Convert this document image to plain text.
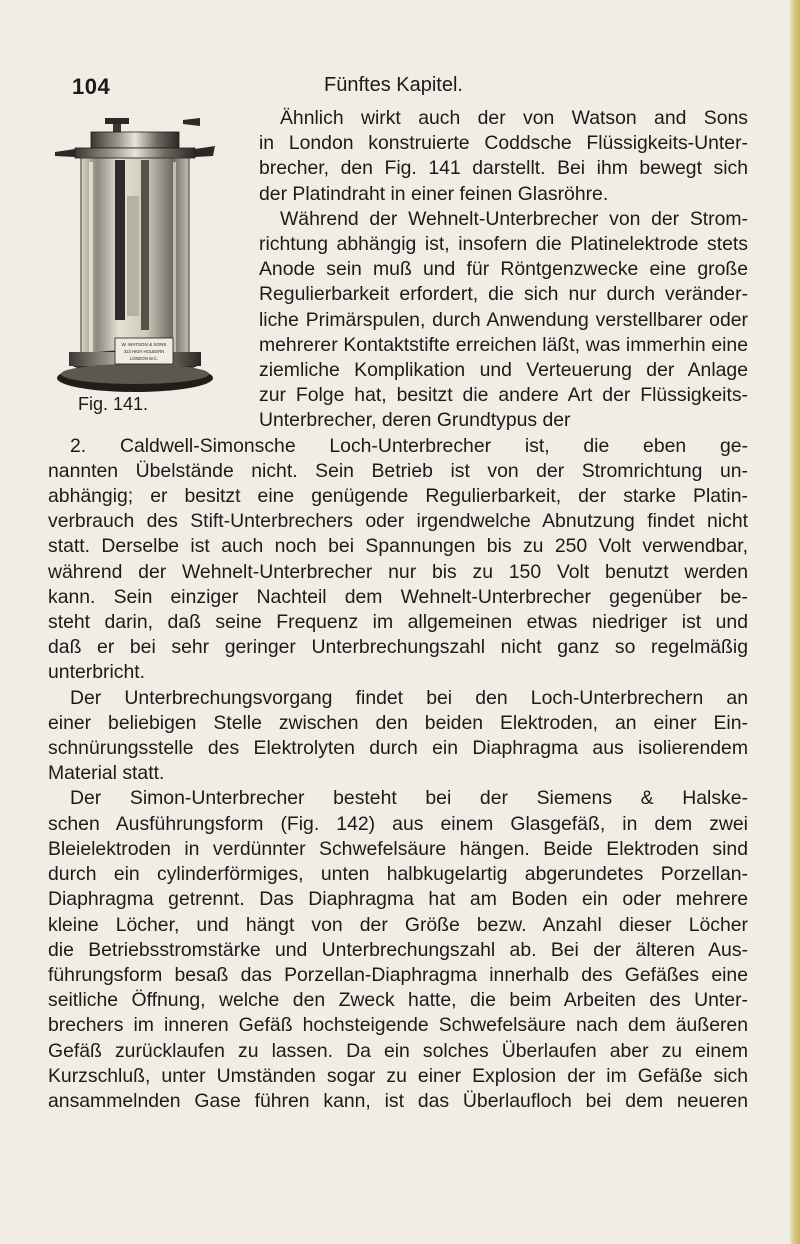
104	Fünftes Kapitel.
W. WATSON & SONS
313 HIGH HOLBORN
LONDON W.C.
Fig. 141.

Ähnlich wirkt auch der von Watson and Sons
in London konstruierte Coddsche Flüssigkeits-Unter-
brecher, den Fig. 141 darstellt. Bei ihm bewegt sich
der Platindraht in einer feinen Glasröhre.

Während der Wehnelt-Unterbrecher von der Strom-
richtung abhängig ist, insofern die Platinelektrode stets
Anode sein muß und für Röntgenzwecke eine große
Regulierbarkeit erfordert, die sich nur durch veränder-
liche Primärspulen, durch Anwendung verstellbarer oder
mehrerer Kontaktstifte erreichen läßt, was immerhin eine
ziemliche Komplikation und Verteuerung der Anlage
zur Folge hat, besitzt die andere Art der Flüssigkeits-
Unterbrecher, deren Grundtypus der

2. Caldwell-Simonsche Loch-Unterbrecher ist, die eben ge-
nannten Übelstände nicht. Sein Betrieb ist von der Stromrichtung un-
abhängig; er besitzt eine genügende Regulierbarkeit, der starke Platin-
verbrauch des Stift-Unterbrechers oder irgendwelche Abnutzung findet nicht
statt. Derselbe ist auch noch bei Spannungen bis zu 250 Volt verwendbar,
während der Wehnelt-Unterbrecher nur bis zu 150 Volt benutzt werden
kann. Sein einziger Nachteil dem Wehnelt-Unterbrecher gegenüber be-
steht darin, daß seine Frequenz im allgemeinen etwas niedriger ist und
daß er bei sehr geringer Unterbrechungszahl nicht ganz so regelmäßig
unterbricht.

Der Unterbrechungsvorgang findet bei den Loch-Unterbrechern an
einer beliebigen Stelle zwischen den beiden Elektroden, an einer Ein-
schnürungsstelle des Elektrolyten durch ein Diaphragma aus isolierendem
Material statt.

Der Simon-Unterbrecher besteht bei der Siemens & Halske-
schen Ausführungsform (Fig. 142) aus einem Glasgefäß, in dem zwei
Bleielektroden in verdünnter Schwefelsäure hängen. Beide Elektroden sind
durch ein cylinderförmiges, unten halbkugelartig abgerundetes Porzellan-
Diaphragma getrennt. Das Diaphragma hat am Boden ein oder mehrere
kleine Löcher, und hängt von der Größe bezw. Anzahl dieser Löcher
die Betriebsstromstärke und Unterbrechungszahl ab. Bei der älteren Aus-
führungsform besaß das Porzellan-Diaphragma innerhalb des Gefäßes eine
seitliche Öffnung, welche den Zweck hatte, die beim Arbeiten des Unter-
brechers im inneren Gefäß hochsteigende Schwefelsäure nach dem äußeren
Gefäß zurücklaufen zu lassen. Da ein solches Überlaufen aber zu einem
Kurzschluß, unter Umständen sogar zu einer Explosion der im Gefäße sich
ansammelnden Gase führen kann, ist das Überlaufloch bei dem neueren
